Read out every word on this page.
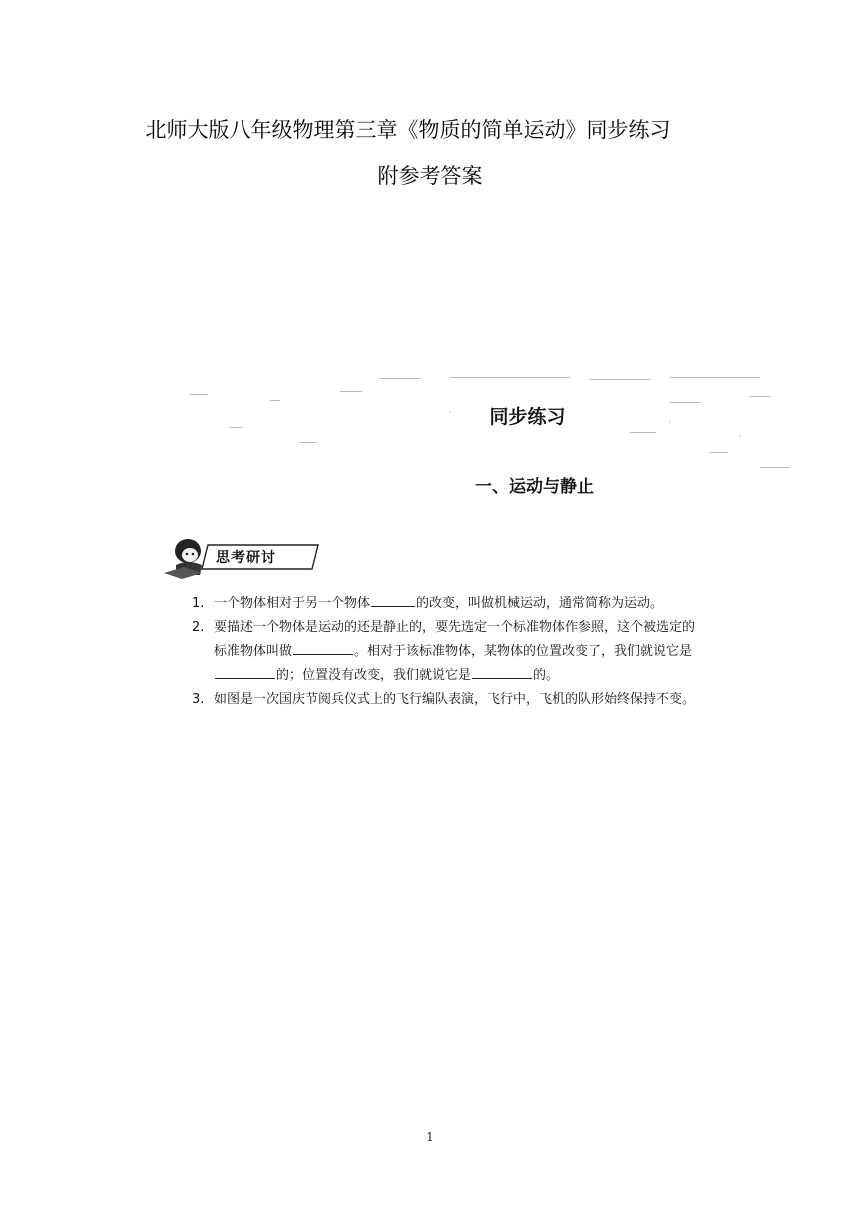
北师大版八年级物理第三章《物质的简单运动》同步练习
附参考答案
同步练习
一、运动与静止
思考研讨
1. 一个物体相对于另一个物体	的改变，叫做机械运动，通常简称为运动。
2. 要描述一个物体是运动的还是静止的，要先选定一个标准物体作参照，这个被选定的
标准物体叫做	。相对于该标准物体，某物体的位置改变了，我们就说它是
的；位置没有改变，我们就说它是	的。
3. 如图是一次国庆节阅兵仪式上的飞行编队表演，飞行中，飞机的队形始终保持不变。
1
